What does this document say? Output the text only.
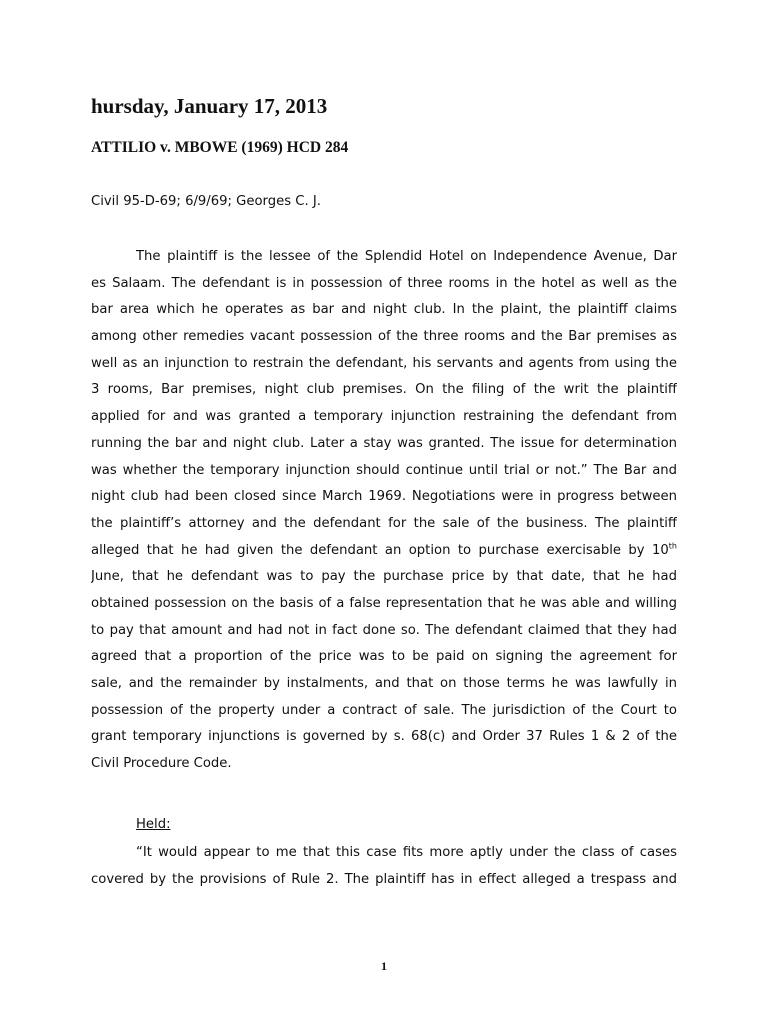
hursday, January 17, 2013
ATTILIO v. MBOWE (1969) HCD 284
Civil 95-D-69; 6/9/69; Georges C. J.
The plaintiff is the lessee of the Splendid Hotel on Independence Avenue, Dar
es Salaam. The defendant is in possession of three rooms in the hotel as well as the
bar area which he operates as bar and night club. In the plaint, the plaintiff claims
among other remedies vacant possession of the three rooms and the Bar premises as
well as an injunction to restrain the defendant, his servants and agents from using the
3 rooms, Bar premises, night club premises. On the filing of the writ the plaintiff
applied for and was granted a temporary injunction restraining the defendant from
running the bar and night club. Later a stay was granted. The issue for determination
was whether the temporary injunction should continue until trial or not.” The Bar and
night club had been closed since March 1969. Negotiations were in progress between
the plaintiff’s attorney and the defendant for the sale of the business. The plaintiff
alleged that he had given the defendant an option to purchase exercisable by 10th
June, that he defendant was to pay the purchase price by that date, that he had
obtained possession on the basis of a false representation that he was able and willing
to pay that amount and had not in fact done so. The defendant claimed that they had
agreed that a proportion of the price was to be paid on signing the agreement for
sale, and the remainder by instalments, and that on those terms he was lawfully in
possession of the property under a contract of sale. The jurisdiction of the Court to
grant temporary injunctions is governed by s. 68(c) and Order 37 Rules 1 & 2 of the
Civil Procedure Code.
Held:
“It would appear to me that this case fits more aptly under the class of cases
covered by the provisions of Rule 2. The plaintiff has in effect alleged a trespass and
1
